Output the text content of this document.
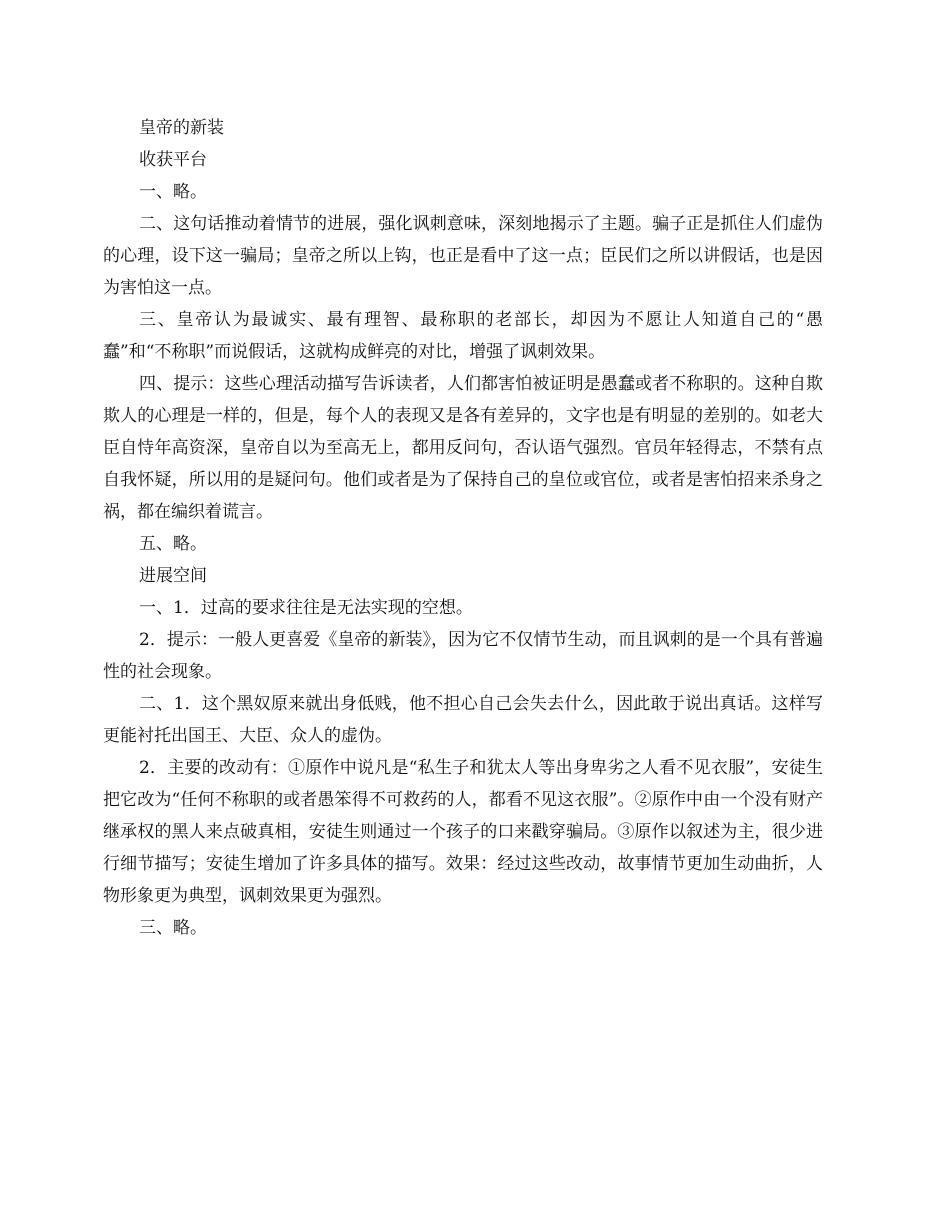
皇帝的新装

收获平台

一、略。

二、这句话推动着情节的进展，强化讽刺意味，深刻地揭示了主题。骗子正是抓住人们虚伪的心理，设下这一骗局；皇帝之所以上钩，也正是看中了这一点；臣民们之所以讲假话，也是因为害怕这一点。

三、皇帝认为最诚实、最有理智、最称职的老部长，却因为不愿让人知道自己的“愚蠢”和“不称职”而说假话，这就构成鲜亮的对比，增强了讽刺效果。

四、提示：这些心理活动描写告诉读者，人们都害怕被证明是愚蠢或者不称职的。这种自欺欺人的心理是一样的，但是，每个人的表现又是各有差异的，文字也是有明显的差别的。如老大臣自恃年高资深，皇帝自以为至高无上，都用反问句，否认语气强烈。官员年轻得志，不禁有点自我怀疑，所以用的是疑问句。他们或者是为了保持自己的皇位或官位，或者是害怕招来杀身之祸，都在编织着谎言。

五、略。

进展空间

一、1．过高的要求往往是无法实现的空想。

2．提示：一般人更喜爱《皇帝的新装》，因为它不仅情节生动，而且讽刺的是一个具有普遍性的社会现象。

二、1．这个黑奴原来就出身低贱，他不担心自己会失去什么，因此敢于说出真话。这样写更能衬托出国王、大臣、众人的虚伪。

2．主要的改动有：①原作中说凡是“私生子和犹太人等出身卑劣之人看不见衣服”，安徒生把它改为“任何不称职的或者愚笨得不可救药的人，都看不见这衣服”。②原作中由一个没有财产继承权的黑人来点破真相，安徒生则通过一个孩子的口来戳穿骗局。③原作以叙述为主，很少进行细节描写；安徒生增加了许多具体的描写。效果：经过这些改动，故事情节更加生动曲折，人物形象更为典型，讽刺效果更为强烈。

三、略。
